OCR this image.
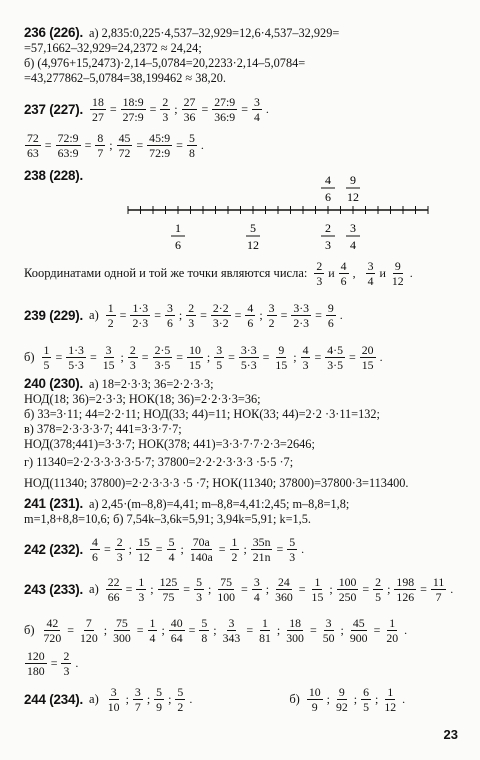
236 (226). а) 2,835:0,225·4,537–32,929=12,6·4,537–32,929=
=57,1662–32,929=24,2372 ≈ 24,24;
б) (4,976+15,2473)·2,14–5,0784=20,2233·2,14–5,0784=
=43,277862–5,0784=38,199462 ≈ 38,20.
237 (227). $\frac{18}{27} = \frac{18:9}{27:9} = \frac{2}{3}$ ; $\frac{27}{36} = \frac{27:9}{36:9} = \frac{3}{4}$ .
$\frac{72}{63} = \frac{72:9}{63:9} = \frac{8}{7}$ ; $\frac{45}{72} = \frac{45:9}{72:9} = \frac{5}{8}$ .
238 (228).	4
6
9
12
1
6
5
12
2
3
3
4
Координатами одной и той же точки являются числа: $\frac{2}{3}$ и $\frac{4}{6}$ , $\frac{3}{4}$ и $\frac{9}{12}$ .
239 (229). $а) \frac{1}{2} = \frac{1\cdot 3}{2\cdot 3} = \frac{3}{6}$ ; $\frac{2}{3} = \frac{2\cdot 2}{3\cdot 2} = \frac{4}{6}$ ; $\frac{3}{2} = \frac{3\cdot 3}{2\cdot 3} = \frac{9}{6}$ .
$б) \frac{1}{5} = \frac{1\cdot 3}{5\cdot 3} = \frac{3}{15}$ ; $\frac{2}{3} = \frac{2\cdot 5}{3\cdot 5} = \frac{10}{15}$ ; $\frac{3}{5} = \frac{3\cdot 3}{5\cdot 3} = \frac{9}{15}$ ; $\frac{4}{3} = \frac{4\cdot 5}{3\cdot 5} = \frac{20}{15}$ .
240 (230). а) 18=2·3·3; 36=2·2·3·3;
НОД(18; 36)=2·3·3; НОК(18; 36)=2·2·3·3=36;
б) 33=3·11; 44=2·2·11; НОД(33; 44)=11; НОК(33; 44)=2·2 ·3·11=132;
в) 378=2·3·3·3·7; 441=3·3·7·7;
НОД(378;441)=3·3·7; НОК(378; 441)=3·3·7·7·2·3=2646;
г) 11340=2·2·3·3·3·3·5·7; 37800=2·2·2·3·3·3 ·5·5 ·7;
НОД(11340; 37800)=2·2·3·3·3 ·5 ·7; НОК(11340; 37800)=37800·3=113400.
241 (231). а) 2,45·(m–8,8)=4,41; m–8,8=4,41:2,45; m–8,8=1,8;
m=1,8+8,8=10,6; б) 7,54k–3,6k=5,91; 3,94k=5,91; k=1,5.
242 (232). $\frac{4}{6} = \frac{2}{3}$ ; $\frac{15}{12} = \frac{5}{4}$ ; $\frac{70a}{140a} = \frac{1}{2}$ ; $\frac{35n}{21n} = \frac{5}{3}$ .
243 (233). $а) \frac{22}{66} = \frac{1}{3}$ ; $\frac{125}{75} = \frac{5}{3}$ ; $\frac{75}{100} = \frac{3}{4}$ ; $\frac{24}{360} = \frac{1}{15}$ ; $\frac{100}{250} = \frac{2}{5}$ ; $\frac{198}{126} = \frac{11}{7}$ .
$б) \frac{42}{720} = \frac{7}{120}$ ; $\frac{75}{300} = \frac{1}{4}$ ; $\frac{40}{64} = \frac{5}{8}$ ; $\frac{3}{343} = \frac{1}{81}$ ; $\frac{18}{300} = \frac{3}{50}$ ; $\frac{45}{900} = \frac{1}{20}$ .
$\frac{120}{180} = \frac{2}{3}$ .
244 (234). $а) \frac{3}{10}$ ; $\frac{3}{7}$ ; $\frac{5}{9}$ ; $\frac{5}{2}$ .	$б) \frac{10}{9}$ ; $\frac{9}{92}$ ; $\frac{6}{5}$ ; $\frac{1}{12}$ .
23
